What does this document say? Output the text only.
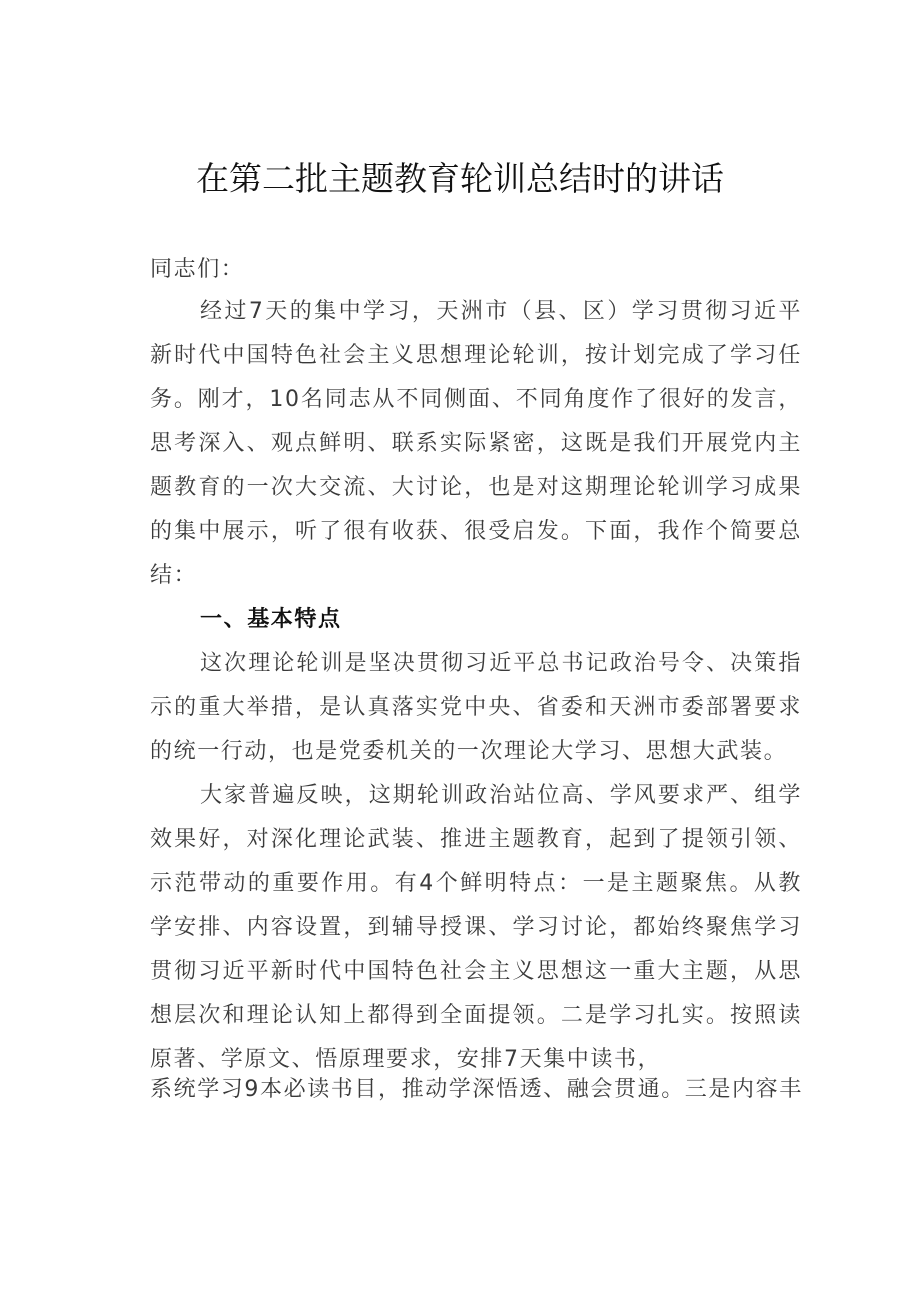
在第二批主题教育轮训总结时的讲话

同志们：

经过7天的集中学习，天洲市（县、区）学习贯彻习近平新时代中国特色社会主义思想理论轮训，按计划完成了学习任务。刚才，10名同志从不同侧面、不同角度作了很好的发言，思考深入、观点鲜明、联系实际紧密，这既是我们开展党内主题教育的一次大交流、大讨论，也是对这期理论轮训学习成果的集中展示，听了很有收获、很受启发。下面，我作个简要总结：

一、基本特点

这次理论轮训是坚决贯彻习近平总书记政治号令、决策指示的重大举措，是认真落实党中央、省委和天洲市委部署要求的统一行动，也是党委机关的一次理论大学习、思想大武装。

大家普遍反映，这期轮训政治站位高、学风要求严、组学效果好，对深化理论武装、推进主题教育，起到了提领引领、示范带动的重要作用。有4个鲜明特点：一是主题聚焦。从教学安排、内容设置，到辅导授课、学习讨论，都始终聚焦学习贯彻习近平新时代中国特色社会主义思想这一重大主题，从思想层次和理论认知上都得到全面提领。二是学习扎实。按照读原著、学原文、悟原理要求，安排7天集中读书，

系统学习9本必读书目，推动学深悟透、融会贯通。三是内容丰
